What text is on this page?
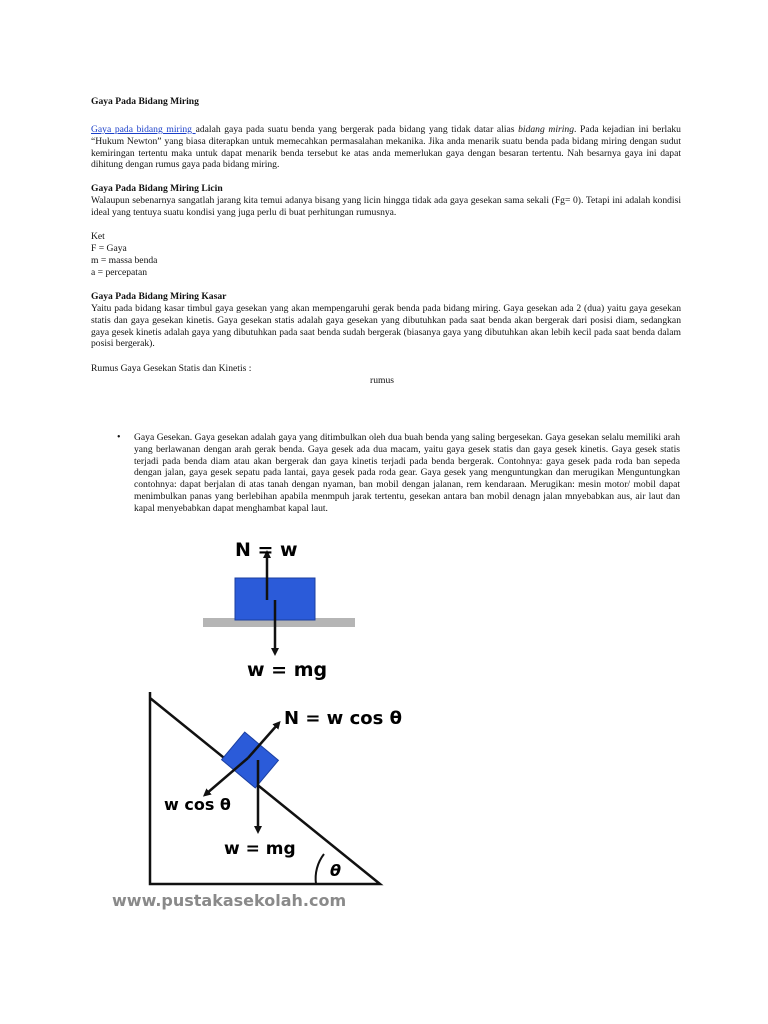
Gaya Pada Bidang Miring
Gaya pada bidang miring adalah gaya pada suatu benda yang bergerak pada bidang yang tidak datar alias bidang miring. Pada kejadian ini berlaku “Hukum Newton” yang biasa diterapkan untuk memecahkan permasalahan mekanika. Jika anda menarik suatu benda pada bidang miring dengan sudut kemiringan tertentu maka untuk dapat menarik benda tersebut ke atas anda memerlukan gaya dengan besaran tertentu. Nah besarnya gaya ini dapat dihitung dengan rumus gaya pada bidang miring.
Gaya Pada Bidang Miring Licin
Walaupun sebenarnya sangatlah jarang kita temui adanya bisang yang licin hingga tidak ada gaya gesekan sama sekali (Fg= 0). Tetapi ini adalah kondisi ideal yang tentuya suatu kondisi yang juga perlu di buat perhitungan rumusnya.
Ket
F = Gaya
m = massa benda
a = percepatan
Gaya Pada Bidang Miring Kasar
Yaitu pada bidang kasar timbul gaya gesekan yang akan mempengaruhi gerak benda pada bidang miring. Gaya gesekan ada 2 (dua) yaitu gaya gesekan statis dan gaya gesekan kinetis. Gaya gesekan statis adalah gaya gesekan yang dibutuhkan pada saat benda akan bergerak dari posisi diam, sedangkan gaya gesek kinetis adalah gaya yang dibutuhkan pada saat benda sudah bergerak (biasanya gaya yang dibutuhkan akan lebih kecil pada saat benda dalam posisi bergerak).
Rumus Gaya Gesekan Statis dan Kinetis :
rumus
• Gaya Gesekan. Gaya gesekan adalah gaya yang ditimbulkan oleh dua buah benda yang saling bergesekan. Gaya gesekan selalu memiliki arah yang berlawanan dengan arah gerak benda. Gaya gesek ada dua macam, yaitu gaya gesek statis dan gaya gesek kinetis. Gaya gesek statis terjadi pada benda diam atau akan bergerak dan gaya kinetis terjadi pada benda bergerak. Contohnya: gaya gesek pada roda ban sepeda dengan jalan, gaya gesek sepatu pada lantai, gaya gesek pada roda gear. Gaya gesek yang menguntungkan dan merugikan Menguntungkan contohnya: dapat berjalan di atas tanah dengan nyaman, ban mobil dengan jalanan, rem kendaraan. Merugikan: mesin motor/ mobil dapat menimbulkan panas yang berlebihan apabila menmpuh jarak tertentu, gesekan antara ban mobil denagn jalan mnyebabkan aus, air laut dan kapal menyebabkan dapat menghambat kapal laut.
N = w
w = mg
N = w cos θ
w cos θ
w = mg
θ
www.pustakasekolah.com
